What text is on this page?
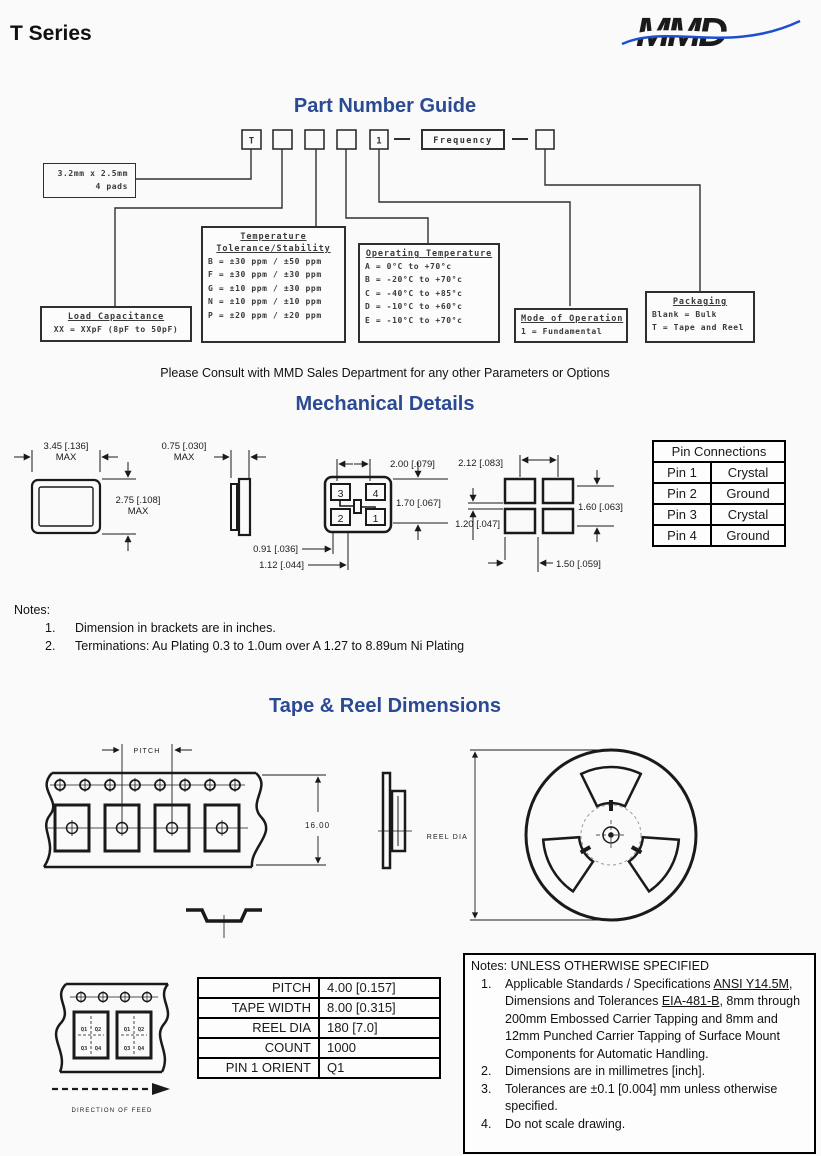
T Series	MMD
Part Number Guide
T	1	Frequency
3.2mm x 2.5mm
4 pads
Load Capacitance
XX = XXpF (8pF to 50pF)
Temperature
Tolerance/Stability
B = ±30 ppm / ±50 ppm
F = ±30 ppm / ±30 ppm
G = ±10 ppm / ±30 ppm
N = ±10 ppm / ±10 ppm
P = ±20 ppm / ±20 ppm
Operating Temperature
A = 0°C to +70°c
B = -20°C to +70°c
C = -40°C to +85°c
D = -10°C to +60°c
E = -10°C to +70°c	Mode of Operation
1 = Fundamental
Packaging
Blank = Bulk
T = Tape and Reel
Please Consult with MMD Sales Department for any other Parameters or Options
Mechanical Details
3.45 [.136]
MAX
2.75 [.108]
MAX
0.75 [.030]
MAX
3	4
2	1
2.00 [.079]
1.70 [.067]
0.91 [.036]
1.12 [.044]
2.12 [.083]
1.60 [.063]
1.20 [.047]
1.50 [.059]
Pin Connections
Pin 1	Crystal
Pin 2	Ground
Pin 3	Crystal
Pin 4	Ground
Notes:
1.	Dimension in brackets are in inches.
2.	Terminations: Au Plating 0.3 to 1.0um over A 1.27 to 8.89um Ni Plating
Tape & Reel Dimensions
PITCH
16.00
REEL DIA
Q1 Q2
Q3 Q4
Q1 Q2
Q3 Q4
DIRECTION OF FEED
PITCH	4.00 [0.157]
TAPE WIDTH	8.00 [0.315]
REEL DIA	180 [7.0]
COUNT	1000
PIN 1 ORIENT	Q1
Notes: UNLESS OTHERWISE SPECIFIED
1.	Applicable Standards / Specifications ANSI Y14.5M, Dimensions and Tolerances EIA-481-B, 8mm through 200mm Embossed Carrier Tapping and 8mm and 12mm Punched Carrier Tapping of Surface Mount Components for Automatic Handling.
2.	Dimensions are in millimetres [inch].
3.	Tolerances are ±0.1 [0.004] mm unless otherwise specified.
4.	Do not scale drawing.
